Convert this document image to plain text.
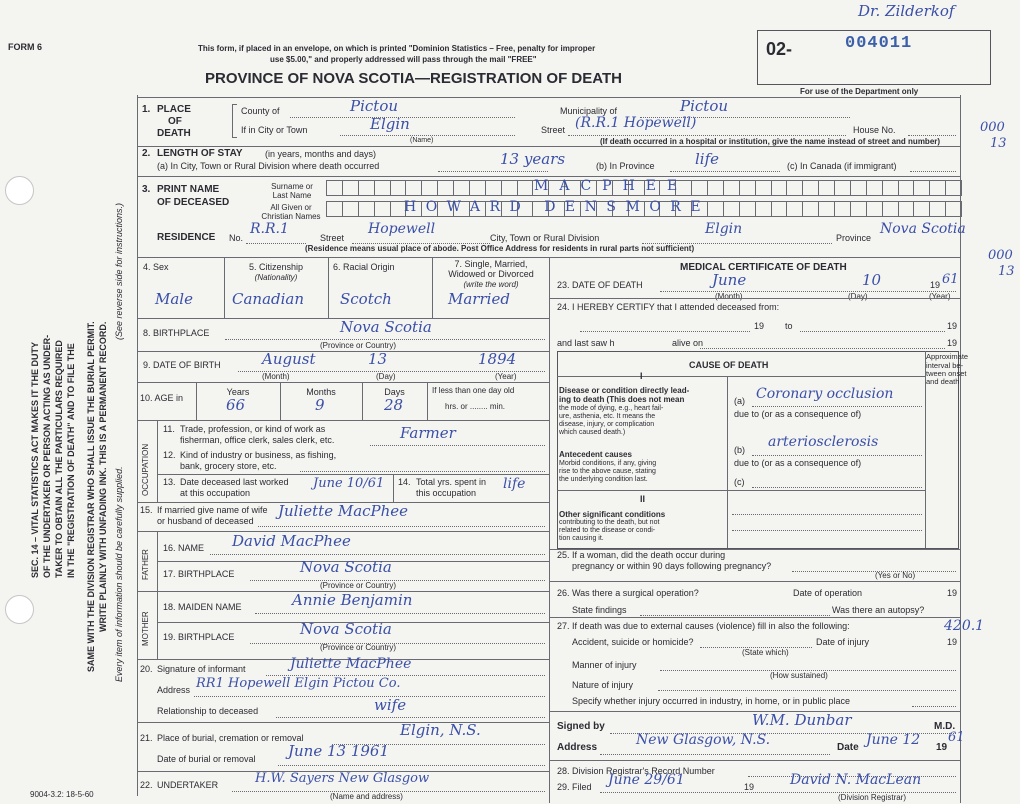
FORM 6
SEC. 14 – VITAL STATISTICS ACT MAKES IT THE DUTY OF THE UNDERTAKER OR PERSON ACTING AS UNDER- TAKER TO OBTAIN ALL THE PARTICULARS REQUIRED IN THE "REGISTRATION OF DEATH" AND TO FILE THE SAME WITH THE DIVISION REGISTRAR WHO SHALL ISSUE THE BURIAL PERMIT. WRITE PLAINLY WITH UNFADING INK. THIS IS A PERMANENT RECORD. Every item of information should be carefully supplied.
(See reverse side for instructions.)
Dr. Zilderkof
000
13
000
13
This form, if placed in an envelope, on which is printed "Dominion Statistics – Free, penalty for improper
use $5.00," and properly addressed will pass through the mail "FREE"
PROVINCE OF NOVA SCOTIA—REGISTRATION OF DEATH
02-	004011
For use of the Department only
1. PLACE
OF
DEATH
County of	Pictou	Municipality of	Pictou
If in City or Town	Elgin
(Name)
Street (R.R.1 Hopewell)	House No.
(If death occurred in a hospital or institution, give the name instead of street and number)
2. LENGTH OF STAY (in years, months and days)
(a) In City, Town or Rural Division where death occurred	13 years	(b) In Province	life	(c) In Canada (if immigrant)
3. PRINT NAME
OF DECEASED
Surname or
Last Name
All Given or
Christian Names
MACPHEE
HOWARD DENSMORE
RESIDENCE No.
R.R.1
Street
Hopewell
City, Town or Rural Division
Elgin
Province
Nova Scotia
(Residence means usual place of abode. Post Office Address for residents in rural parts not sufficient)
4. Sex	5. Citizenship
(Nationality)
6. Racial Origin	7. Single, Married,
Widowed or Divorced
(write the word)
Male	Canadian Scotch	Married
8. BIRTHPLACE	Nova Scotia
(Province or Country)
9. DATE OF BIRTH	August	13	1894
(Month)	(Day)	(Year)
10. AGE in
Years	Months	Days
66	9	28
If less than one day old
hrs. or ........ min.
OCCUPATION
11. Trade, profession, or kind of work as
fisherman, office clerk, sales clerk, etc.	Farmer
12. Kind of industry or business, as fishing,
bank, grocery store, etc.
13. Date deceased last worked
at this occupation
June 10/61 14. Total yrs. spent in
this occupation
life
15. If married give name of wife
or husband of deceased
Juliette MacPhee
FATHER
16. NAME David MacPhee
17. BIRTHPLACE	Nova Scotia
(Province or Country)
MOTHER
18. MAIDEN NAME	Annie Benjamin
19. BIRTHPLACE	Nova Scotia
(Province or Country)
20. Signature of informant	Juliette MacPhee
Address RR1 Hopewell Elgin Pictou Co.
Relationship to deceased	wife
21. Place of burial, cremation or removal	Elgin, N.S.
Date of burial or removal June 13 1961
22. UNDERTAKER	H.W. Sayers New Glasgow
(Name and address)
9004-3.2: 18-5-60
MEDICAL CERTIFICATE OF DEATH
23. DATE OF DEATH	June	10	19 61
(Month)	(Day)	(Year)
24. I HEREBY CERTIFY that I attended deceased from:
19 to	19
and last saw h	alive on	19
CAUSE OF DEATH
Approximate
interval be-
tween onset
and death
I
Disease or condition directly lead-
ing to death (This does not mean
the mode of dying, e.g., heart fail-
ure, asthenia, etc. It means the
disease, injury, or complication
which caused death.)
(a) Coronary occlusion
due to (or as a consequence of)
Antecedent causes
Morbid conditions, if any, giving
rise to the above cause, stating
the underlying condition last.
(b) arteriosclerosis
due to (or as a consequence of)
(c)
II
Other significant conditions
contributing to the death, but not
related to the disease or condi-
tion causing it.
25. If a woman, did the death occur during
pregnancy or within 90 days following pregnancy?
(Yes or No)
26. Was there a surgical operation?	Date of operation	19
State findings	Was there an autopsy?
27. If death was due to external causes (violence) fill in also the following:
Accident, suicide or homicide?	Date of injury	19
420.1
(State which)
Manner of injury
(How sustained)
Nature of injury
Specify whether injury occurred in industry, in home, or in public place
Signed by	W.M. Dunbar	M.D.
Address	New Glasgow, N.S.	Date June 12 19
61
28. Division Registrar's Record Number
29. Filed June 29/61	19	David N. MacLean
(Division Registrar)
